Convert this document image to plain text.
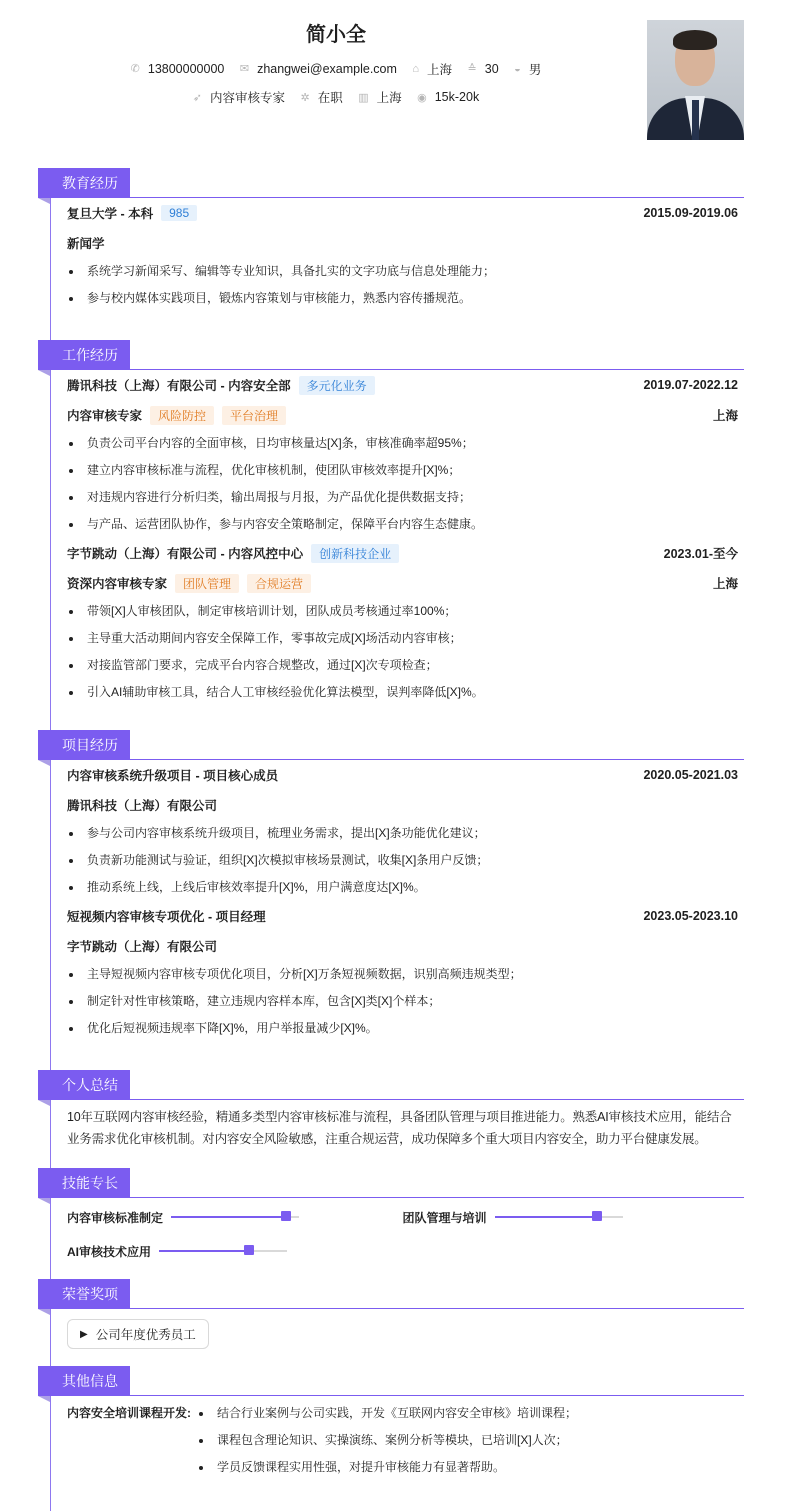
简小全
✆ 13800000000
✉ zhangwei@example.com
⌂ 上海
≙ 30
◒ 男
➶ 内容审核专家
✲ 在职
▥ 上海
◉ 15k-20k
教育经历
复旦大学 - 本科	985	2015.09-2019.06
新闻学
系统学习新闻采写、编辑等专业知识，具备扎实的文字功底与信息处理能力；
参与校内媒体实践项目，锻炼内容策划与审核能力，熟悉内容传播规范。
工作经历
腾讯科技（上海）有限公司 - 内容安全部	多元化业务	2019.07-2022.12
内容审核专家	风险防控	平台治理	上海
负责公司平台内容的全面审核，日均审核量达[X]条，审核准确率超95%；
建立内容审核标准与流程，优化审核机制，使团队审核效率提升[X]%；
对违规内容进行分析归类，输出周报与月报，为产品优化提供数据支持；
与产品、运营团队协作，参与内容安全策略制定，保障平台内容生态健康。
字节跳动（上海）有限公司 - 内容风控中心	创新科技企业	2023.01-至今
资深内容审核专家	团队管理	合规运营	上海
带领[X]人审核团队，制定审核培训计划，团队成员考核通过率100%；
主导重大活动期间内容安全保障工作，零事故完成[X]场活动内容审核；
对接监管部门要求，完成平台内容合规整改，通过[X]次专项检查；
引入AI辅助审核工具，结合人工审核经验优化算法模型，误判率降低[X]%。
项目经历
内容审核系统升级项目 - 项目核心成员	2020.05-2021.03
腾讯科技（上海）有限公司
参与公司内容审核系统升级项目，梳理业务需求，提出[X]条功能优化建议；
负责新功能测试与验证，组织[X]次模拟审核场景测试，收集[X]条用户反馈；
推动系统上线，上线后审核效率提升[X]%，用户满意度达[X]%。
短视频内容审核专项优化 - 项目经理	2023.05-2023.10
字节跳动（上海）有限公司
主导短视频内容审核专项优化项目，分析[X]万条短视频数据，识别高频违规类型；
制定针对性审核策略，建立违规内容样本库，包含[X]类[X]个样本；
优化后短视频违规率下降[X]%，用户举报量减少[X]%。
个人总结
10年互联网内容审核经验，精通多类型内容审核标准与流程，具备团队管理与项目推进能力。熟悉AI审核技术应用，能结合业务需求优化审核机制。对内容安全风险敏感，注重合规运营，成功保障多个重大项目内容安全，助力平台健康发展。
技能专长
内容审核标准制定	团队管理与培训
AI审核技术应用
荣誉奖项
▶ 公司年度优秀员工
其他信息
内容安全培训课程开发:	结合行业案例与公司实践，开发《互联网内容安全审核》培训课程；
课程包含理论知识、实操演练、案例分析等模块，已培训[X]人次；
学员反馈课程实用性强，对提升审核能力有显著帮助。
